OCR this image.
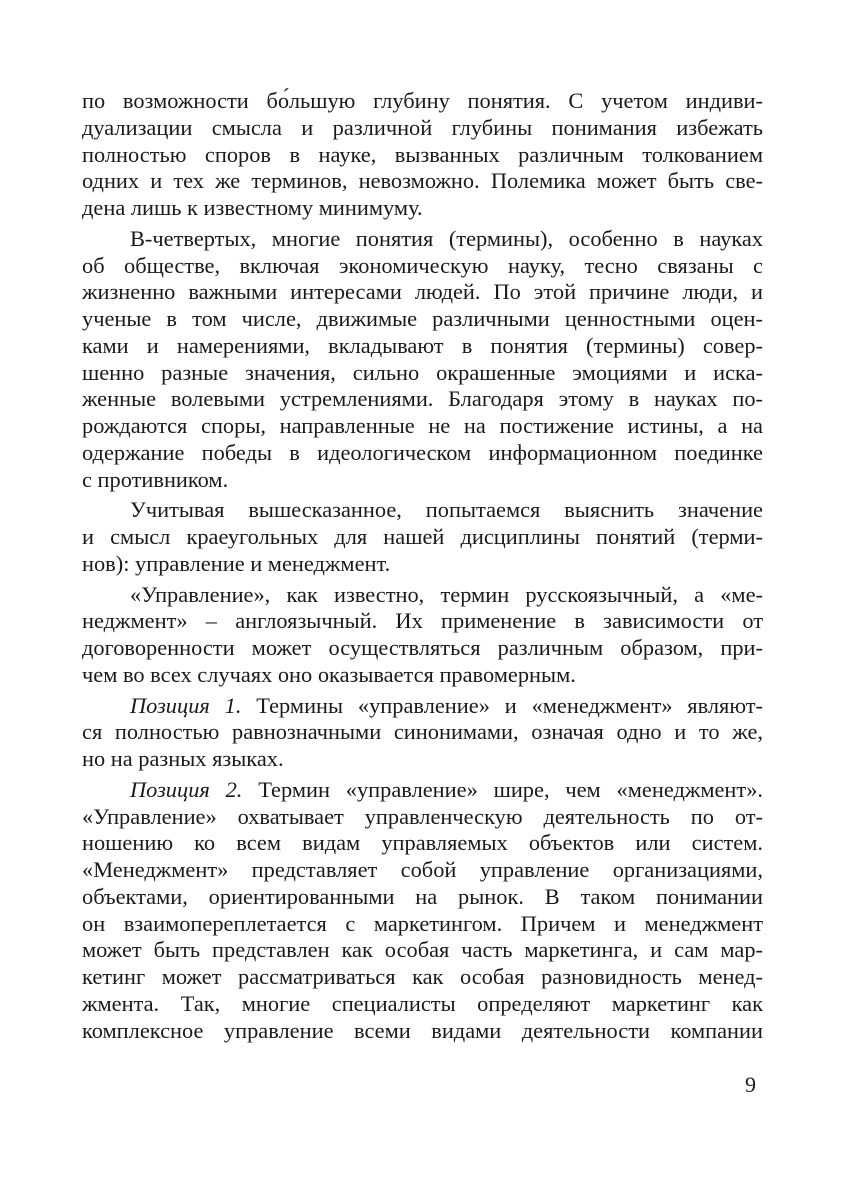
по возможности бо́льшую глубину понятия. С учетом индиви-
дуализации смысла и различной глубины понимания избежать
полностью споров в науке, вызванных различным толкованием
одних и тех же терминов, невозможно. Полемика может быть све-
дена лишь к известному минимуму.

В-четвертых, многие понятия (термины), особенно в науках
об обществе, включая экономическую науку, тесно связаны с
жизненно важными интересами людей. По этой причине люди, и
ученые в том числе, движимые различными ценностными оцен-
ками и намерениями, вкладывают в понятия (термины) совер-
шенно разные значения, сильно окрашенные эмоциями и иска-
женные волевыми устремлениями. Благодаря этому в науках по-
рождаются споры, направленные не на постижение истины, а на
одержание победы в идеологическом информационном поединке
с противником.

Учитывая вышесказанное, попытаемся выяснить значение
и смысл краеугольных для нашей дисциплины понятий (терми-
нов): управление и менеджмент.

«Управление», как известно, термин русскоязычный, а «ме-
неджмент» – англоязычный. Их применение в зависимости от
договоренности может осуществляться различным образом, при-
чем во всех случаях оно оказывается правомерным.

Позиция 1. Термины «управление» и «менеджмент» являют-
ся полностью равнозначными синонимами, означая одно и то же,
но на разных языках.

Позиция 2. Термин «управление» шире, чем «менеджмент».
«Управление» охватывает управленческую деятельность по от-
ношению ко всем видам управляемых объектов или систем.
«Менеджмент» представляет собой управление организациями,
объектами, ориентированными на рынок. В таком понимании
он взаимопереплетается с маркетингом. Причем и менеджмент
может быть представлен как особая часть маркетинга, и сам мар-
кетинг может рассматриваться как особая разновидность менед-
жмента. Так, многие специалисты определяют маркетинг как
комплексное управление всеми видами деятельности компании

9
